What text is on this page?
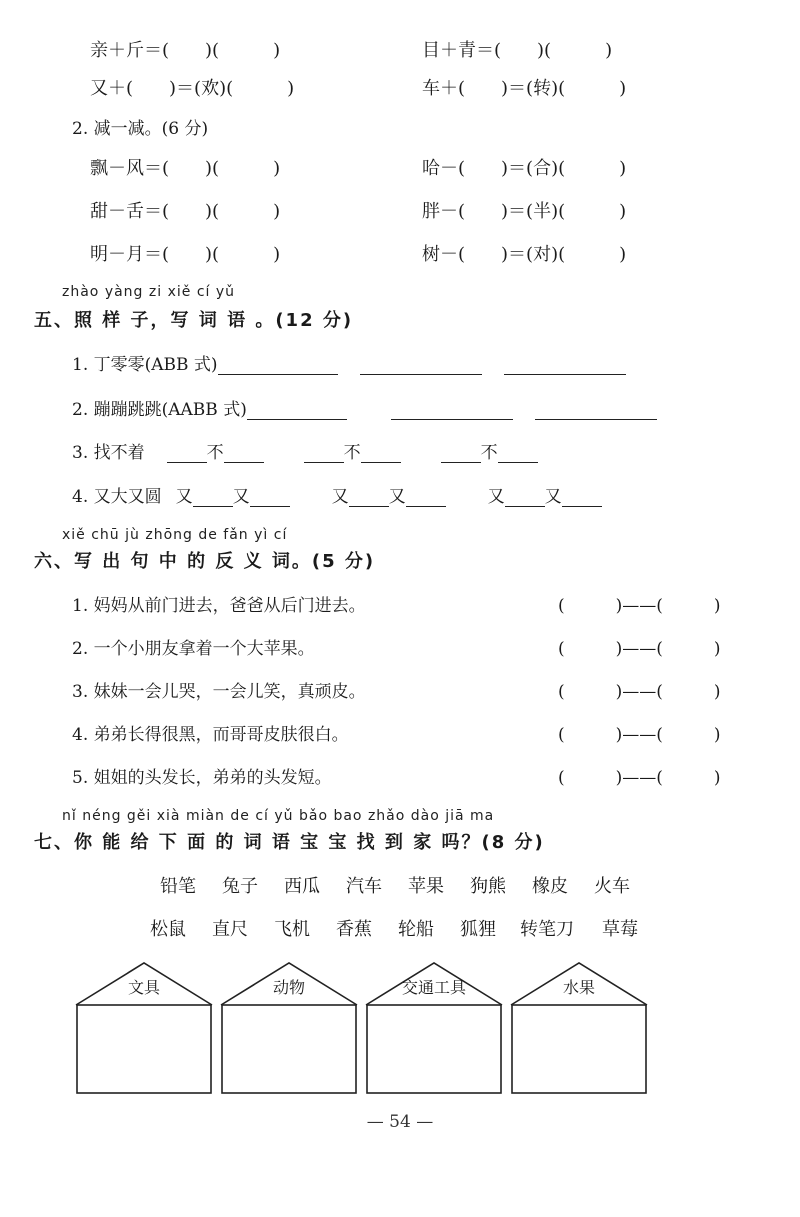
亲＋斤＝(　　)(　　　)	目＋青＝(　　)(　　　)
又＋(　　)＝(欢)(　　　)	车＋(　　)＝(转)(　　　)
2. 减一减。(6 分)
飘－风＝(　　)(　　　)	哈－(　　)＝(合)(　　　)
甜－舌＝(　　)(　　　)	胖－(　　)＝(半)(　　　)
明－月＝(　　)(　　　)	树－(　　)＝(对)(　　　)
zhào yàng zi xiě cí yǔ
五、照 样 子，写 词 语 。(12 分)
1. 丁零零(ABB 式)
2. 蹦蹦跳跳(AABB 式)
3. 找不着	不	不	不
4. 又大又圆 又 又	又 又	又 又
xiě chū jù zhōng de fǎn yì cí
六、写 出 句 中 的 反 义 词。(5 分)
1. 妈妈从前门进去，爸爸从后门进去。	(　　　)——(　　　)
2. 一个小朋友拿着一个大苹果。	(　　　)——(　　　)
3. 妹妹一会儿哭，一会儿笑，真顽皮。	(　　　)——(　　　)
4. 弟弟长得很黑，而哥哥皮肤很白。	(　　　)——(　　　)
5. 姐姐的头发长，弟弟的头发短。	(　　　)——(　　　)
nǐ néng gěi xià miàn de cí yǔ bǎo bao zhǎo dào jiā ma
七、你 能 给 下 面 的 词 语 宝 宝 找 到 家 吗？(8 分)
铅笔 兔子 西瓜 汽车 苹果 狗熊 橡皮 火车
松鼠 直尺 飞机 香蕉 轮船 狐狸 转笔刀 草莓
文具	动物	交通工具	水果
— 54 —
